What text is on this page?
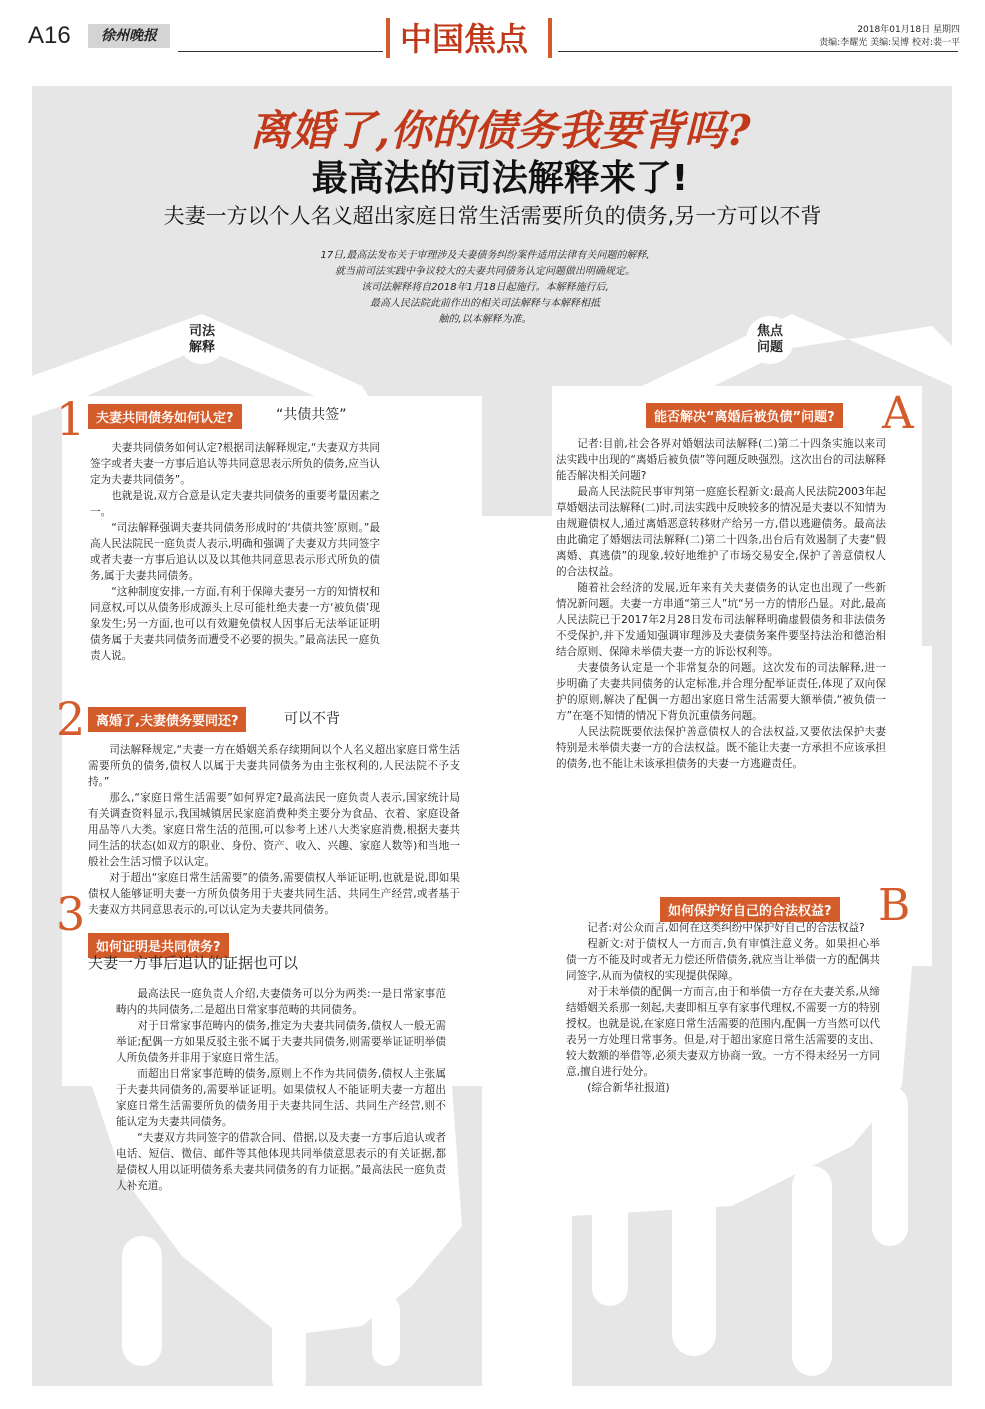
A16	徐州晚报	中国焦点	2018年01月18日 星期四
责编:李耀光 美编:吴博 校对:裴一平
离婚了,你的债务我要背吗?
最高法的司法解释来了!
夫妻一方以个人名义超出家庭日常生活需要所负的债务,另一方可以不背
17日,最高法发布关于审理涉及夫妻债务纠纷案件适用法律有关问题的解释,
就当前司法实践中争议较大的夫妻共同债务认定问题做出明确规定。
该司法解释将自2018年1月18日起施行。本解释施行后,
最高人民法院此前作出的相关司法解释与本解释相抵
触的,以本解释为准。
司法解释
焦点问题
1 夫妻共同债务如何认定?	“共债共签”

夫妻共同债务如何认定?根据司法解释规定,“夫妻双方共同签字或者夫妻一方事后追认等共同意思表示所负的债务,应当认定为夫妻共同债务”。

也就是说,双方合意是认定夫妻共同债务的重要考量因素之一。

“司法解释强调夫妻共同债务形成时的‘共债共签’原则。”最高人民法院民一庭负责人表示,明确和强调了夫妻双方共同签字或者夫妻一方事后追认以及以其他共同意思表示形式所负的债务,属于夫妻共同债务。

“这种制度安排,一方面,有利于保障夫妻另一方的知情权和同意权,可以从债务形成源头上尽可能杜绝夫妻一方‘被负债’现象发生;另一方面,也可以有效避免债权人因事后无法举证证明债务属于夫妻共同债务而遭受不必要的损失。”最高法民一庭负责人说。

2 离婚了,夫妻债务要同还?	可以不背

司法解释规定,“夫妻一方在婚姻关系存续期间以个人名义超出家庭日常生活需要所负的债务,债权人以属于夫妻共同债务为由主张权利的,人民法院不予支持。”

那么,“家庭日常生活需要”如何界定?最高法民一庭负责人表示,国家统计局有关调查资料显示,我国城镇居民家庭消费种类主要分为食品、衣着、家庭设备用品等八大类。家庭日常生活的范围,可以参考上述八大类家庭消费,根据夫妻共同生活的状态(如双方的职业、身份、资产、收入、兴趣、家庭人数等)和当地一般社会生活习惯予以认定。

对于超出“家庭日常生活需要”的债务,需要债权人举证证明,也就是说,即如果债权人能够证明夫妻一方所负债务用于夫妻共同生活、共同生产经营,或者基于夫妻双方共同意思表示的,可以认定为夫妻共同债务。

3
如何证明是共同债务?
夫妻一方事后追认的证据也可以

最高法民一庭负责人介绍,夫妻债务可以分为两类:一是日常家事范畴内的共同债务,二是超出日常家事范畴的共同债务。

对于日常家事范畴内的债务,推定为夫妻共同债务,债权人一般无需举证;配偶一方如果反驳主张不属于夫妻共同债务,则需要举证证明举债人所负债务并非用于家庭日常生活。

而超出日常家事范畴的债务,原则上不作为共同债务,债权人主张属于夫妻共同债务的,需要举证证明。如果债权人不能证明夫妻一方超出家庭日常生活需要所负的债务用于夫妻共同生活、共同生产经营,则不能认定为夫妻共同债务。

“夫妻双方共同签字的借款合同、借据,以及夫妻一方事后追认或者电话、短信、微信、邮件等其他体现共同举债意思表示的有关证据,都是债权人用以证明债务系夫妻共同债务的有力证据。”最高法民一庭负责人补充道。

能否解决“离婚后被负债”问题? A

记者:目前,社会各界对婚姻法司法解释(二)第二十四条实施以来司法实践中出现的“离婚后被负债”等问题反映强烈。这次出台的司法解释能否解决相关问题?

最高人民法院民事审判第一庭庭长程新文:最高人民法院2003年起草婚姻法司法解释(二)时,司法实践中反映较多的情况是夫妻以不知情为由规避债权人,通过离婚恶意转移财产给另一方,借以逃避债务。最高法由此确定了婚姻法司法解释(二)第二十四条,出台后有效遏制了夫妻“假离婚、真逃债”的现象,较好地维护了市场交易安全,保护了善意债权人的合法权益。

随着社会经济的发展,近年来有关夫妻债务的认定也出现了一些新情况新问题。夫妻一方串通“第三人”坑“另一方的情形凸显。对此,最高人民法院已于2017年2月28日发布司法解释明确虚假债务和非法债务不受保护,并下发通知强调审理涉及夫妻债务案件要坚持法治和德治相结合原则、保障未举债夫妻一方的诉讼权利等。

夫妻债务认定是一个非常复杂的问题。这次发布的司法解释,进一步明确了夫妻共同债务的认定标准,并合理分配举证责任,体现了双向保护的原则,解决了配偶一方超出家庭日常生活需要大额举债,“被负债一方”在毫不知情的情况下背负沉重债务问题。

人民法院既要依法保护善意债权人的合法权益,又要依法保护夫妻特别是未举债夫妻一方的合法权益。既不能让夫妻一方承担不应该承担的债务,也不能让未该承担债务的夫妻一方逃避责任。

如何保护好自己的合法权益? B

记者:对公众而言,如何在这类纠纷中保护好自己的合法权益?

程新文:对于债权人一方而言,负有审慎注意义务。如果担心举债一方不能及时或者无力偿还所借债务,就应当让举债一方的配偶共同签字,从而为债权的实现提供保障。

对于未举债的配偶一方而言,由于和举债一方存在夫妻关系,从缔结婚姻关系那一刻起,夫妻即相互享有家事代理权,不需要一方的特别授权。也就是说,在家庭日常生活需要的范围内,配偶一方当然可以代表另一方处理日常事务。但是,对于超出家庭日常生活需要的支出、较大数额的举借等,必须夫妻双方协商一致。一方不得未经另一方同意,擅自进行处分。

(综合新华社报道)
